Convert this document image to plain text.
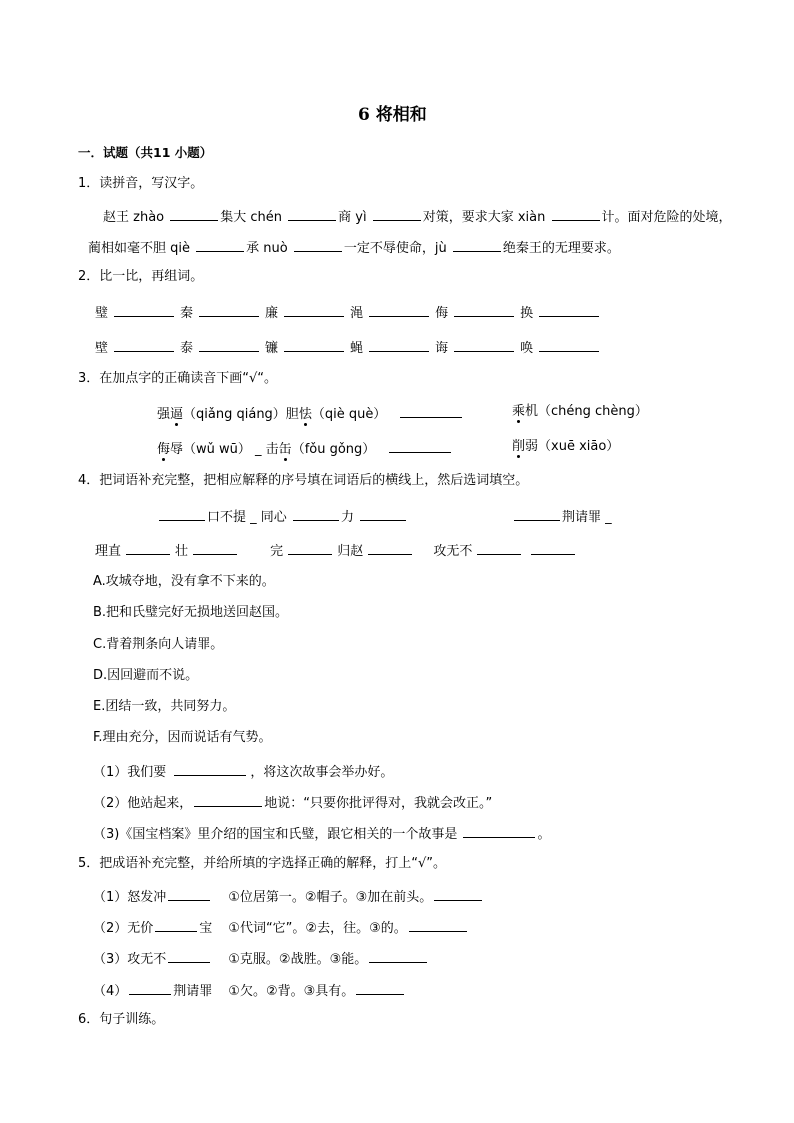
6 将相和
一．试题（共11 小题）
1．读拼音，写汉字。
赵王 zhào	集大 chén	商 yì	对策，要求大家 xiàn	计。面对危险的处境，
蔺相如毫不胆 qiè	承 nuò	一定不辱使命，jù	绝秦王的无理要求。
2．比一比，再组词。
璧	秦	廉	渑	侮	换
壁	泰	镰	蝇	诲	唤
3．在加点字的正确读音下画“√“。
强逼（qiǎng qiáng）胆怯（qiè què）	乘机（chéng chèng）
侮辱（wǔ wū） _ 击缶（fǒu gǒng）	削弱（xuē xiāo）
4．把词语补充完整，把相应解释的序号填在词语后的横线上，然后选词填空。
口不提 _ 同心	力	荆请罪 _
理直	壮	完	归赵	攻无不
A.攻城夺地，没有拿不下来的。
B.把和氏璧完好无损地送回赵国。
C.背着荆条向人请罪。
D.因回避而不说。
E.团结一致，共同努力。
F.理由充分，因而说话有气势。
（1）我们要	，将这次故事会举办好。
（2）他站起来，	地说：“只要你批评得对，我就会改正。”
（3)《国宝档案》里介绍的国宝和氏璧，跟它相关的一个故事是	。
5．把成语补充完整，并给所填的字选择正确的解释，打上“√”。
（1）怒发冲	①位居第一。②帽子。③加在前头。
（2）无价	宝 ①代词“它”。②去，往。③的。
（3）攻无不	①克服。②战胜。③能。
（4）	荆请罪 ①欠。②背。③具有。
6．句子训练。
